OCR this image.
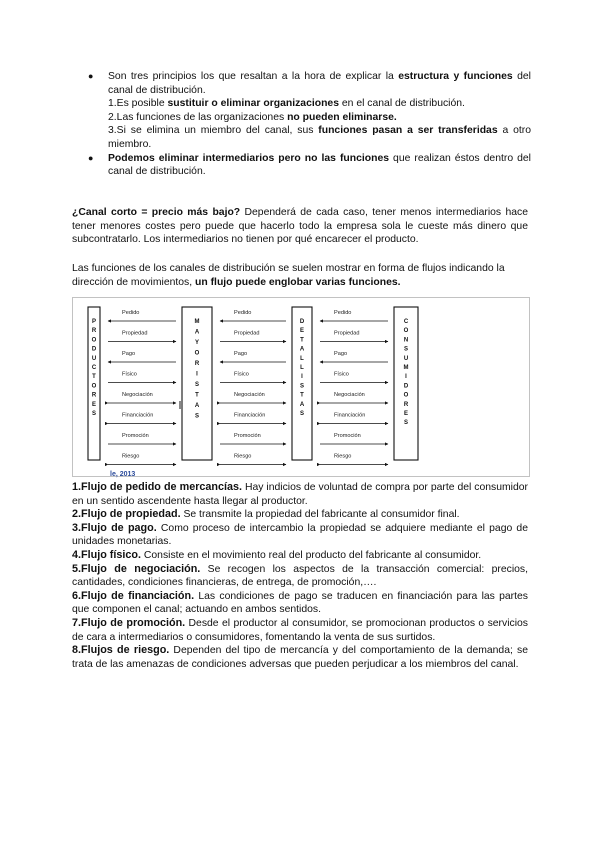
● Son tres principios los que resaltan a la hora de explicar la estructura y funciones del canal de distribución.
1.Es posible sustituir o eliminar organizaciones en el canal de distribución.
2.Las funciones de las organizaciones no pueden eliminarse.
3.Si se elimina un miembro del canal, sus funciones pasan a ser transferidas a otro miembro.
● Podemos eliminar intermediarios pero no las funciones que realizan éstos dentro del canal de distribución.
¿Canal corto = precio más bajo? Dependerá de cada caso, tener menos intermediarios hace tener menores costes pero puede que hacerlo todo la empresa sola le cueste más dinero que subcontratarlo. Los intermediarios no tienen por qué encarecer el producto.
Las funciones de los canales de distribución se suelen mostrar en forma de flujos indicando la dirección de movimientos, un flujo puede englobar varias funciones.
P
R
O
D
U
C
T
O
R
E
S
M
A
Y
O
R
I
S
T
A
S
D
E
T
A
L
L
I
S
T
A
S
C
O
N
S
U
M
I
D
O
R
E
S
Pedido	Pedido	Pedido
Propiedad	Propiedad	Propiedad
Pago	Pago	Pago
Físico	Físico	Físico
Negociación	Negociación	Negociación
Financiación	Financiación	Financiación
Promoción	Promoción	Promoción
Riesgo	Riesgo	Riesgo
le, 2013

1.Flujo de pedido de mercancías. Hay indicios de voluntad de compra por parte del consumidor en un sentido ascendente hasta llegar al productor.

2.Flujo de propiedad. Se transmite la propiedad del fabricante al consumidor final.

3.Flujo de pago. Como proceso de intercambio la propiedad se adquiere mediante el pago de unidades monetarias.

4.Flujo físico. Consiste en el movimiento real del producto del fabricante al consumidor.

5.Flujo de negociación. Se recogen los aspectos de la transacción comercial: precios, cantidades, condiciones financieras, de entrega, de promoción,….

6.Flujo de financiación. Las condiciones de pago se traducen en financiación para las partes que componen el canal; actuando en ambos sentidos.

7.Flujo de promoción. Desde el productor al consumidor, se promocionan productos o servicios de cara a intermediarios o consumidores, fomentando la venta de sus surtidos.

8.Flujos de riesgo. Dependen del tipo de mercancía y del comportamiento de la demanda; se trata de las amenazas de condiciones adversas que pueden perjudicar a los miembros del canal.
